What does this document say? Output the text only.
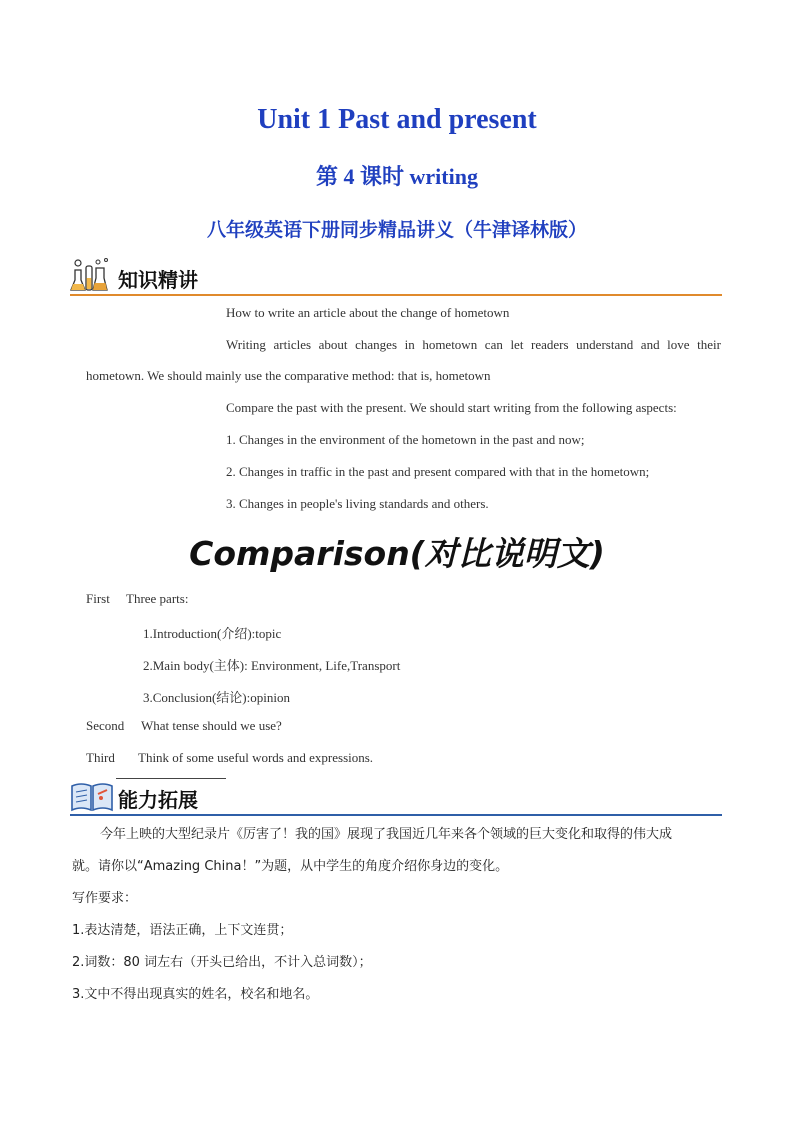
Unit 1 Past and present
第 4 课时 writing
八年级英语下册同步精品讲义（牛津译林版）
知识精讲
How to write an article about the change of hometown
Writing articles about changes in hometown can let readers understand and love their
hometown. We should mainly use the comparative method: that is, hometown
Compare the past with the present. We should start writing from the following aspects:
1. Changes in the environment of the hometown in the past and now;
2. Changes in traffic in the past and present compared with that in the hometown;
3. Changes in people's living standards and others.
Comparison(对比说明文)
First Three parts:
1.Introduction(介绍):topic
2.Main body(主体): Environment, Life,Transport
3.Conclusion(结论):opinion
Second What tense should we use?
Third Think of some useful words and expressions.
能力拓展
今年上映的大型纪录片《厉害了！我的国》展现了我国近几年来各个领域的巨大变化和取得的伟大成
就。请你以“Amazing China！”为题，从中学生的角度介绍你身边的变化。
写作要求：
1.表达清楚，语法正确，上下文连贯；
2.词数：80 词左右（开头已给出，不计入总词数）；
3.文中不得出现真实的姓名，校名和地名。
